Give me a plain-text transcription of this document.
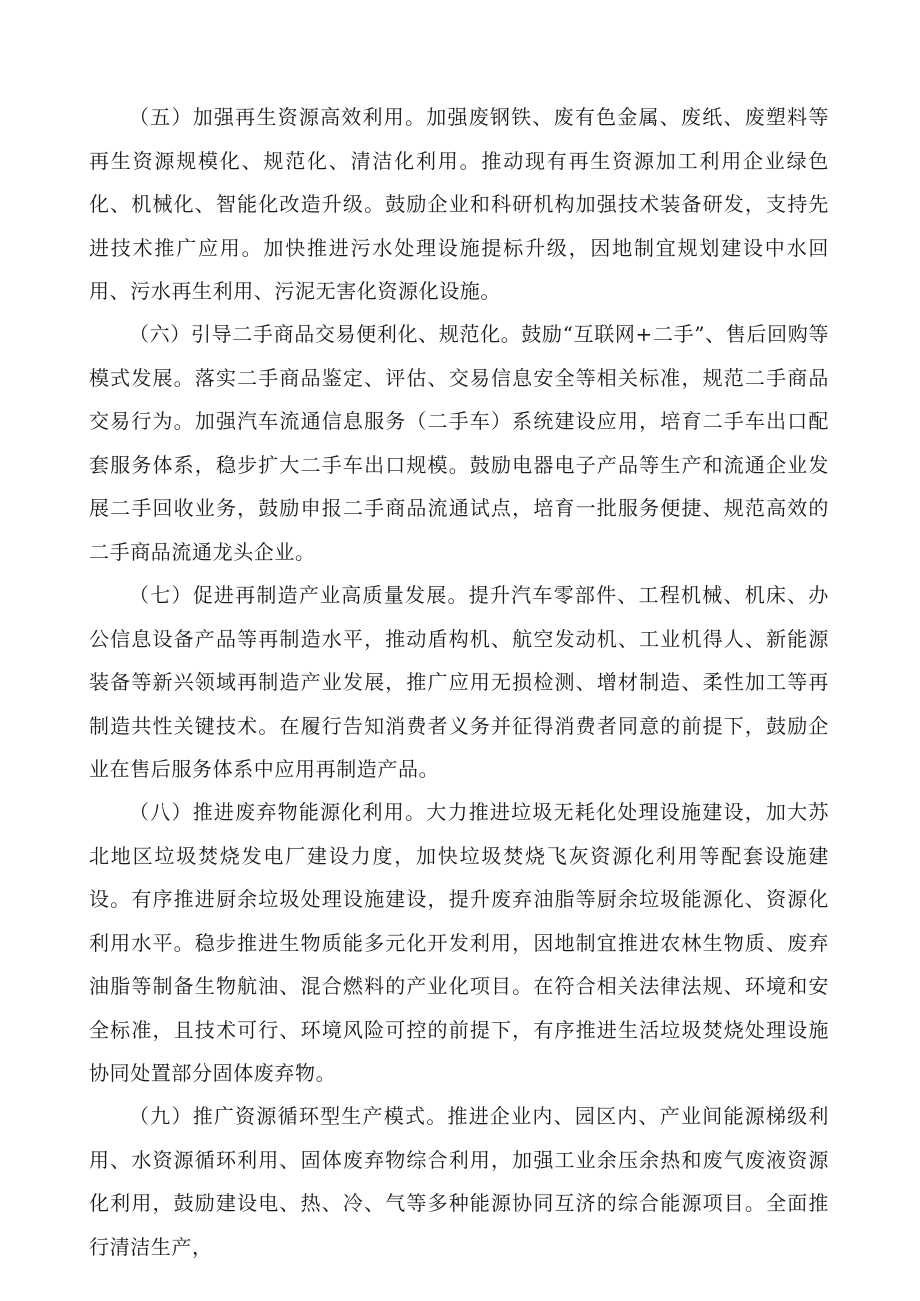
（五）加强再生资源高效利用。加强废钢铁、废有色金属、废纸、废塑料等再生资源规模化、规范化、清洁化利用。推动现有再生资源加工利用企业绿色化、机械化、智能化改造升级。鼓励企业和科研机构加强技术装备研发，支持先进技术推广应用。加快推进污水处理设施提标升级，因地制宜规划建设中水回用、污水再生利用、污泥无害化资源化设施。

（六）引导二手商品交易便利化、规范化。鼓励“互联网+二手”、售后回购等模式发展。落实二手商品鉴定、评估、交易信息安全等相关标准，规范二手商品交易行为。加强汽车流通信息服务（二手车）系统建设应用，培育二手车出口配套服务体系，稳步扩大二手车出口规模。鼓励电器电子产品等生产和流通企业发展二手回收业务，鼓励申报二手商品流通试点，培育一批服务便捷、规范高效的二手商品流通龙头企业。

（七）促进再制造产业高质量发展。提升汽车零部件、工程机械、机床、办公信息设备产品等再制造水平，推动盾构机、航空发动机、工业机得人、新能源装备等新兴领域再制造产业发展，推广应用无损检测、增材制造、柔性加工等再制造共性关键技术。在履行告知消费者义务并征得消费者同意的前提下，鼓励企业在售后服务体系中应用再制造产品。

（八）推进废弃物能源化利用。大力推进垃圾无耗化处理设施建设，加大苏北地区垃圾焚烧发电厂建设力度，加快垃圾焚烧飞灰资源化利用等配套设施建设。有序推进厨余垃圾处理设施建设，提升废弃油脂等厨余垃圾能源化、资源化利用水平。稳步推进生物质能多元化开发利用，因地制宜推进农林生物质、废弃油脂等制备生物航油、混合燃料的产业化项目。在符合相关法律法规、环境和安全标准，且技术可行、环境风险可控的前提下，有序推进生活垃圾焚烧处理设施协同处置部分固体废弃物。

（九）推广资源循环型生产模式。推进企业内、园区内、产业间能源梯级利用、水资源循环利用、固体废弃物综合利用，加强工业余压余热和废气废液资源化利用，鼓励建设电、热、冷、气等多种能源协同互济的综合能源项目。全面推行清洁生产，
